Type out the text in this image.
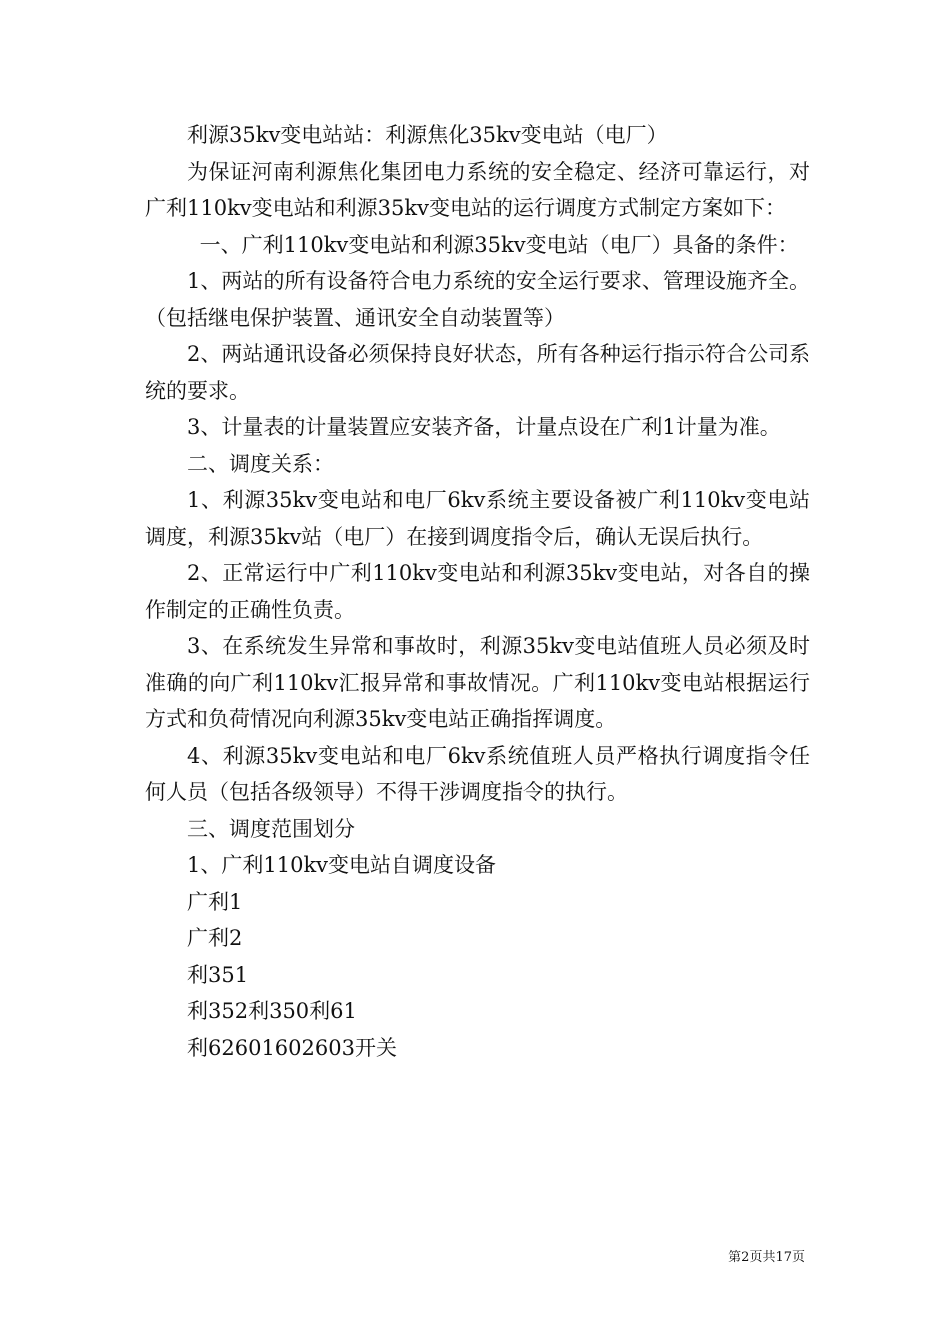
利源35kv变电站站：利源焦化35kv变电站（电厂）

为保证河南利源焦化集团电力系统的安全稳定、经济可靠运行，对广利110kv变电站和利源35kv变电站的运行调度方式制定方案如下：

一、广利110kv变电站和利源35kv变电站（电厂）具备的条件：

1、两站的所有设备符合电力系统的安全运行要求、管理设施齐全。（包括继电保护装置、通讯安全自动装置等）

2、两站通讯设备必须保持良好状态，所有各种运行指示符合公司系统的要求。

3、计量表的计量装置应安装齐备，计量点设在广利1计量为准。

二、调度关系：

1、利源35kv变电站和电厂6kv系统主要设备被广利110kv变电站调度，利源35kv站（电厂）在接到调度指令后，确认无误后执行。

2、正常运行中广利110kv变电站和利源35kv变电站，对各自的操作制定的正确性负责。

3、在系统发生异常和事故时，利源35kv变电站值班人员必须及时准确的向广利110kv汇报异常和事故情况。广利110kv变电站根据运行方式和负荷情况向利源35kv变电站正确指挥调度。

4、利源35kv变电站和电厂6kv系统值班人员严格执行调度指令任何人员（包括各级领导）不得干涉调度指令的执行。

三、调度范围划分

1、广利110kv变电站自调度设备

广利1

广利2

利351

利352利350利61

利62601602603开关

第2页共17页
